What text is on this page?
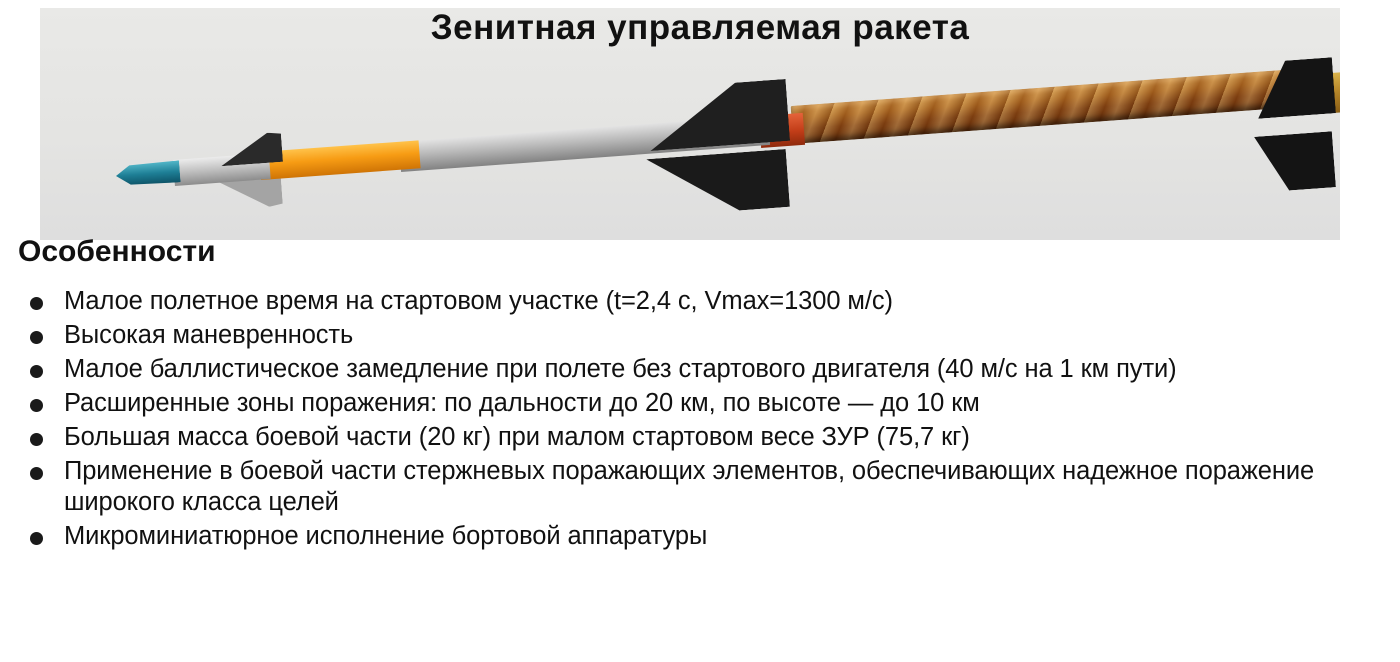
Зенитная управляемая ракета
Особенности
Малое полетное время на стартовом участке (t=2,4 c, Vmax=1300 м/с)
Высокая маневренность
Малое баллистическое замедление при полете без стартового двигателя (40 м/с на 1 км пути)
Расширенные зоны поражения: по дальности до 20 км, по высоте — до 10 км
Большая масса боевой части (20 кг) при малом стартовом весе ЗУР (75,7 кг)
Применение в боевой части стержневых поражающих элементов, обеспечивающих надежное поражение широкого класса целей
Микроминиатюрное исполнение бортовой аппаратуры
